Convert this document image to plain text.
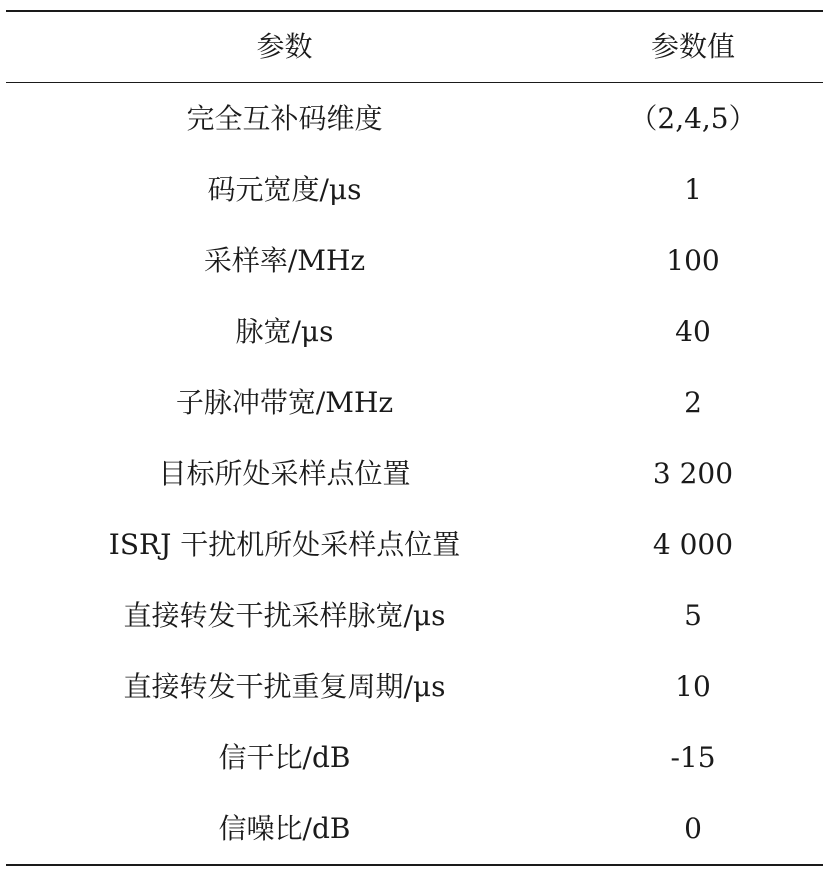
参数	参数值
完全互补码维度	（2,4,5）
码元宽度/μs	1
采样率/MHz	100
脉宽/μs	40
子脉冲带宽/MHz	2
目标所处采样点位置	3 200
ISRJ 干扰机所处采样点位置	4 000
直接转发干扰采样脉宽/μs	5
直接转发干扰重复周期/μs	10
信干比/dB	-15
信噪比/dB	0
